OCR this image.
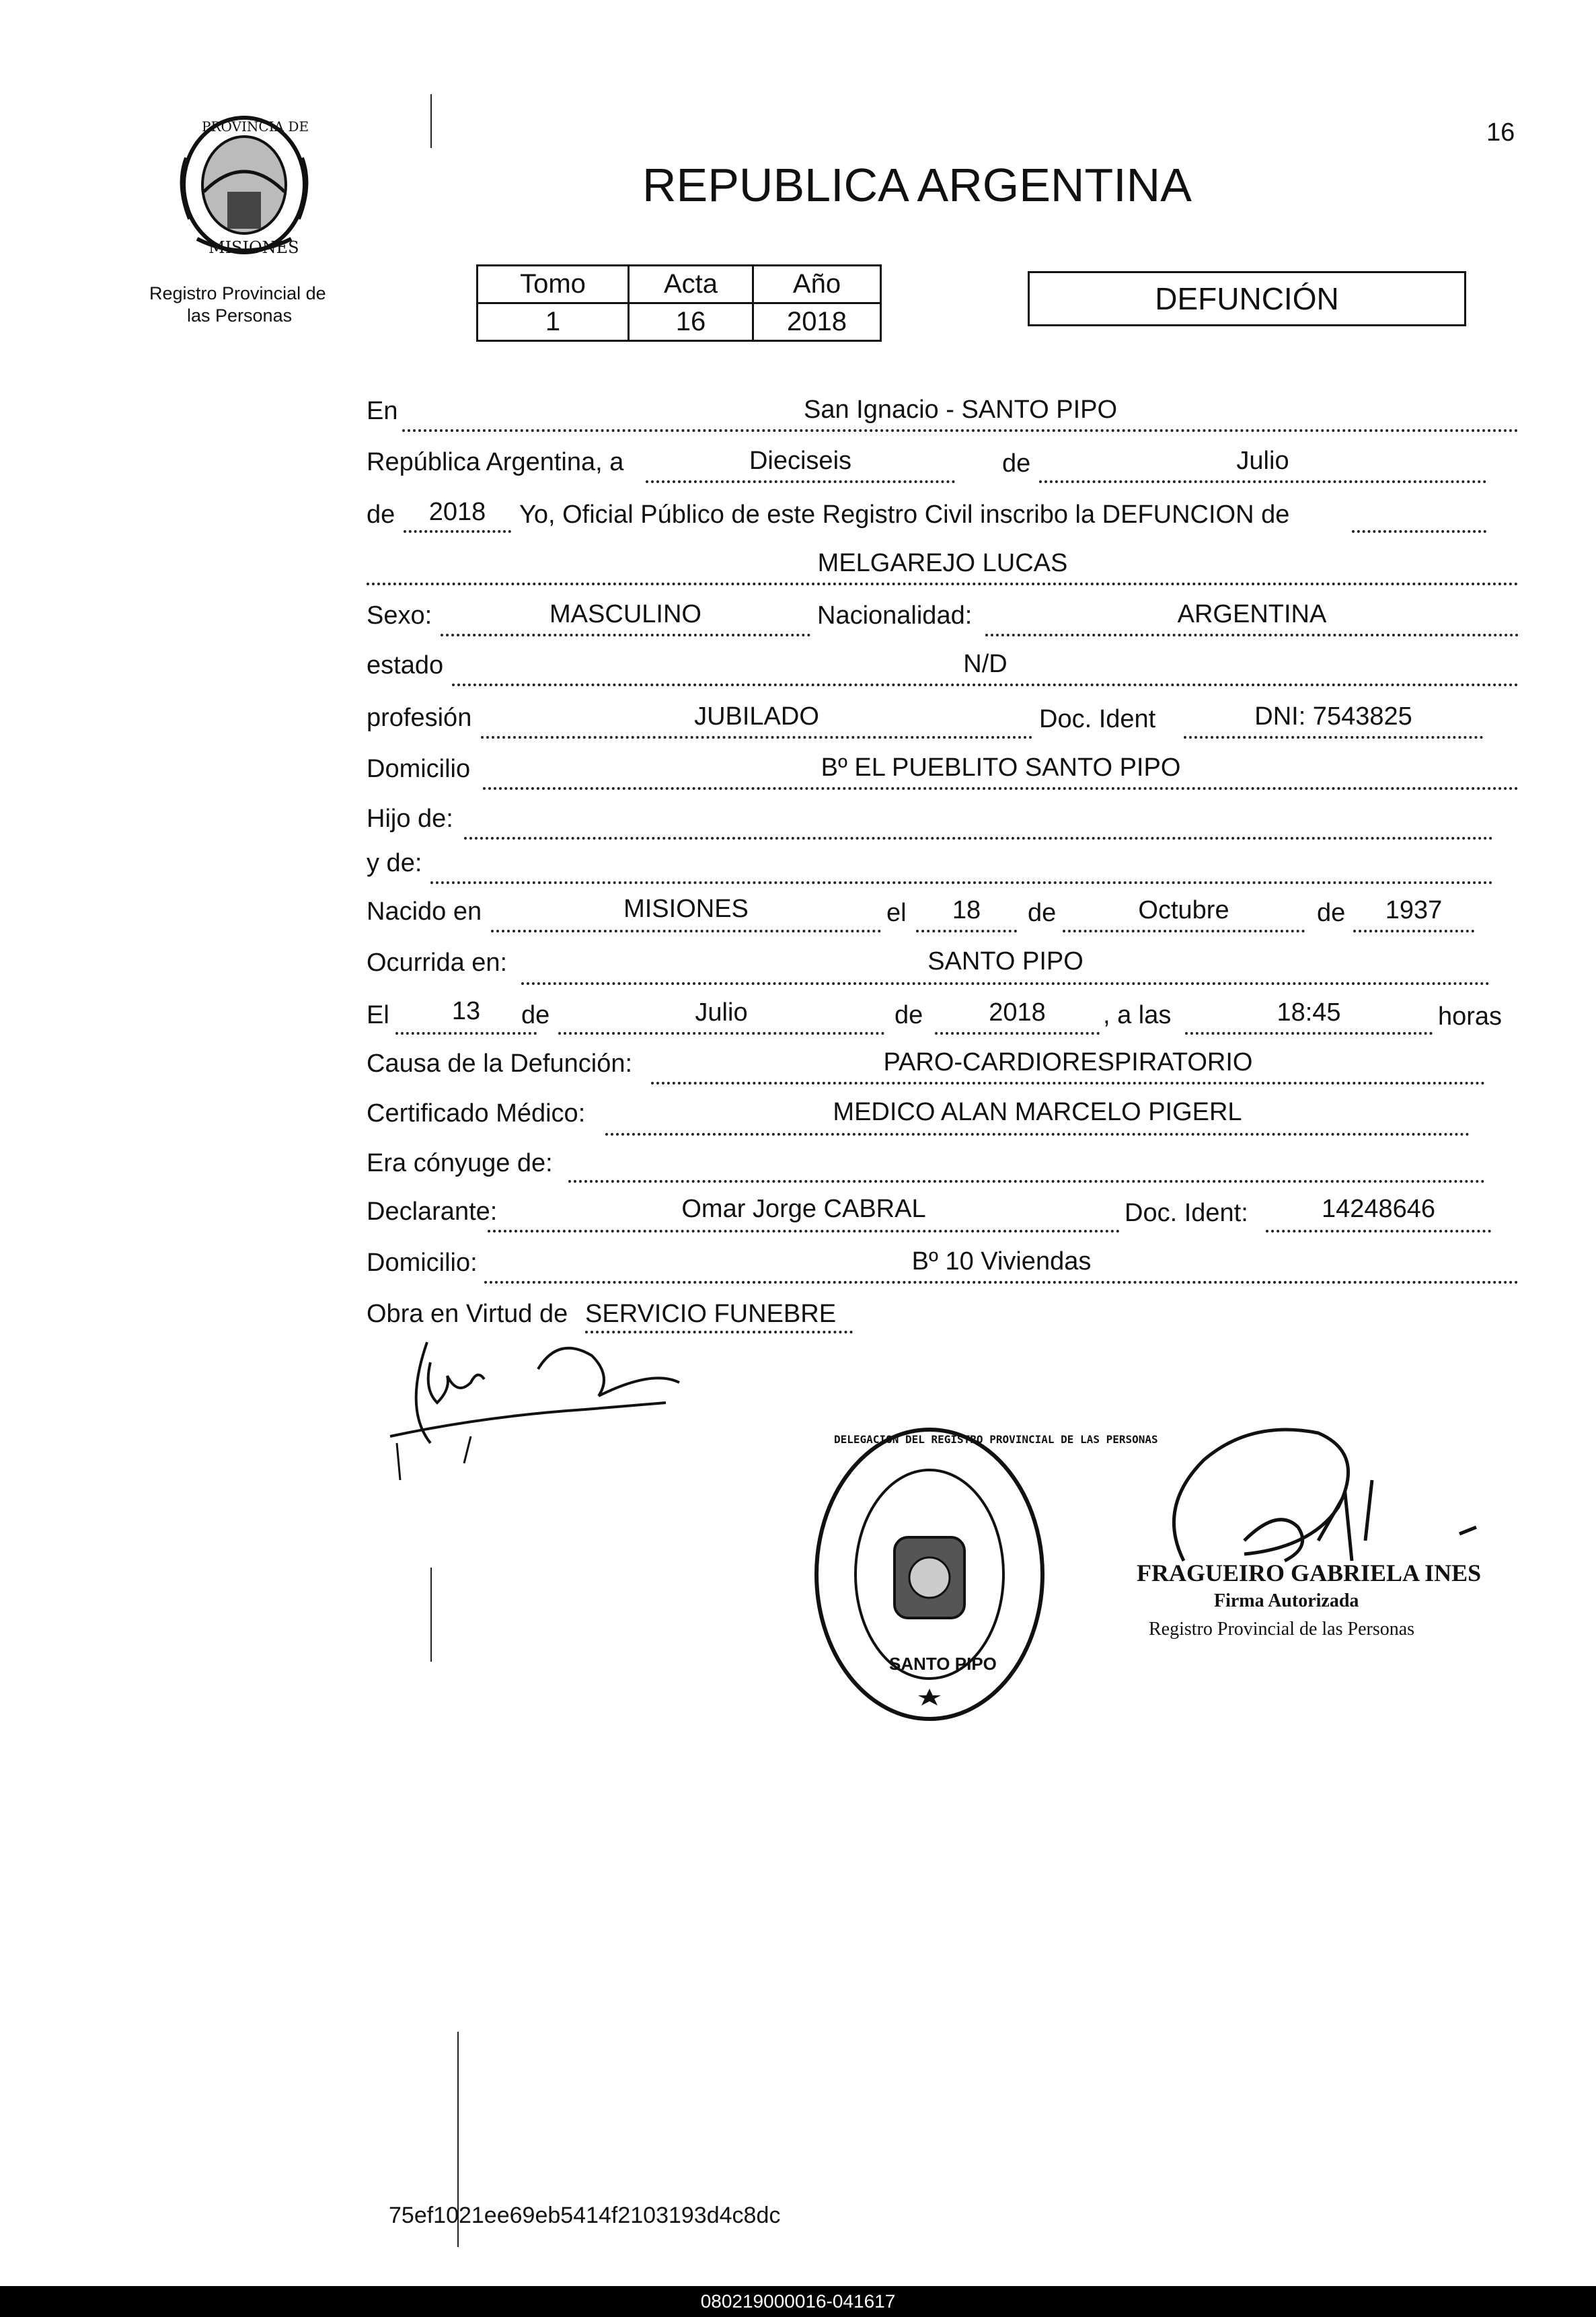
16
PROVINCIA DE
MISIONES
Registro Provincial de
las Personas
REPUBLICA ARGENTINA
Tomo	Acta	Año
1	16	2018
DEFUNCIÓN
En	San Ignacio - SANTO PIPO
República Argentina, a	Dieciseis	de	Julio
de	2018	Yo, Oficial Público de este Registro Civil inscribo la DEFUNCION de
MELGAREJO LUCAS
Sexo:	MASCULINO	Nacionalidad:	ARGENTINA
estado	N/D
profesión	JUBILADO	Doc. Ident	DNI: 7543825
Domicilio	Bº EL PUEBLITO SANTO PIPO
Hijo de:
y de:
Nacido en	MISIONES	el	18	de	Octubre	de	1937
Ocurrida en:	SANTO PIPO
El	13	de	Julio	de	2018	, a las	18:45	horas
Causa de la Defunción:	PARO-CARDIORESPIRATORIO
Certificado Médico:	MEDICO ALAN MARCELO PIGERL
Era cónyuge de:
Declarante:	Omar Jorge CABRAL	Doc. Ident:	14248646
Domicilio:	Bº 10 Viviendas
Obra en Virtud de SERVICIO FUNEBRE
DELEGACION DEL REGISTRO PROVINCIAL DE LAS PERSONAS
SANTO PIPO
FRAGUEIRO GABRIELA INES
Firma Autorizada
Registro Provincial de las Personas
75ef1021ee69eb5414f2103193d4c8dc
080219000016-041617
